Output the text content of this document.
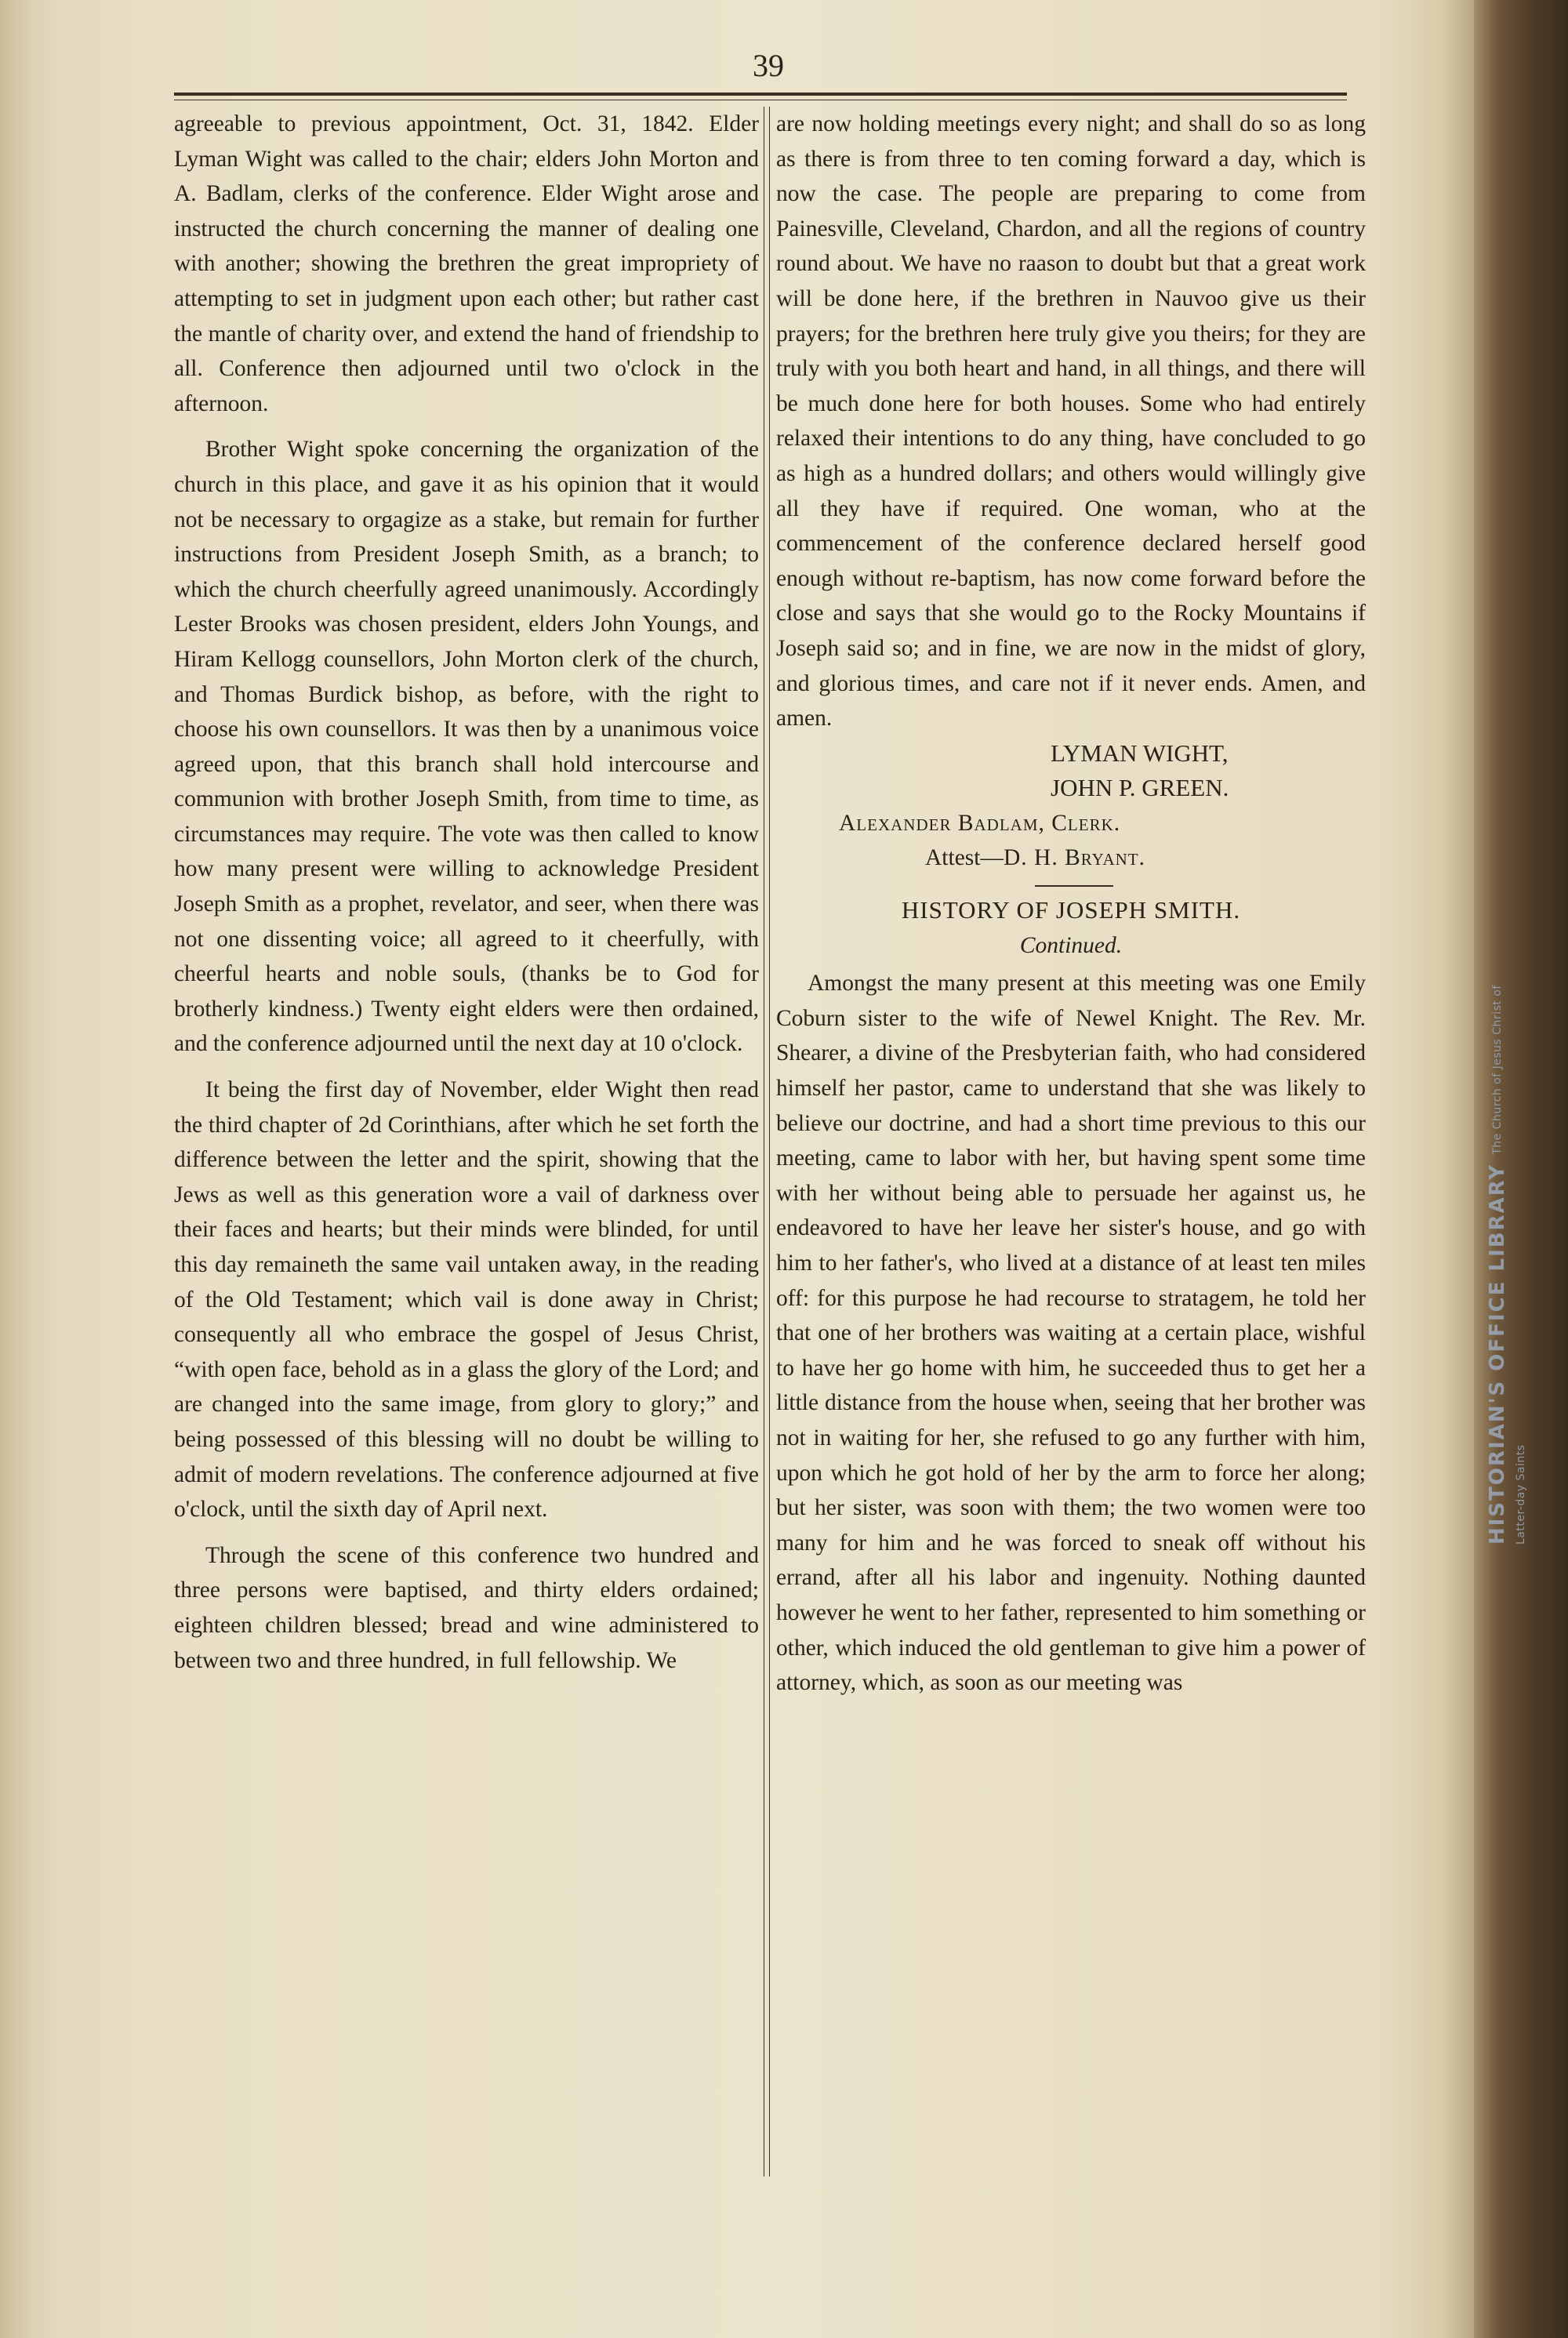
HISTORIAN'S OFFICE LIBRARY The Church of Jesus Christ of Latter-day Saints
39

agreeable to previous appointment, Oct. 31, 1842. Elder Lyman Wight was called to the chair; elders John Morton and A. Badlam, clerks of the conference. Elder Wight arose and instructed the church concerning the manner of dealing one with another; showing the brethren the great impropriety of attempting to set in judgment upon each other; but rather cast the mantle of charity over, and extend the hand of friendship to all. Conference then adjourned until two o'clock in the afternoon.

Brother Wight spoke concerning the organization of the church in this place, and gave it as his opinion that it would not be necessary to orgagize as a stake, but remain for further instructions from President Joseph Smith, as a branch; to which the church cheerfully agreed unanimously. Accordingly Lester Brooks was chosen president, elders John Youngs, and Hiram Kellogg counsellors, John Morton clerk of the church, and Thomas Burdick bishop, as before, with the right to choose his own counsellors. It was then by a unanimous voice agreed upon, that this branch shall hold intercourse and communion with brother Joseph Smith, from time to time, as circumstances may require. The vote was then called to know how many present were willing to acknowledge President Joseph Smith as a prophet, revelator, and seer, when there was not one dissenting voice; all agreed to it cheerfully, with cheerful hearts and noble souls, (thanks be to God for brotherly kindness.) Twenty eight elders were then ordained, and the conference adjourned until the next day at 10 o'clock.

It being the first day of November, elder Wight then read the third chapter of 2d Corinthians, after which he set forth the difference between the letter and the spirit, showing that the Jews as well as this generation wore a vail of darkness over their faces and hearts; but their minds were blinded, for until this day remaineth the same vail untaken away, in the reading of the Old Testament; which vail is done away in Christ; consequently all who embrace the gospel of Jesus Christ, “with open face, behold as in a glass the glory of the Lord; and are changed into the same image, from glory to glory;” and being possessed of this blessing will no doubt be willing to admit of modern revelations. The conference adjourned at five o'clock, until the sixth day of April next.

Through the scene of this conference two hundred and three persons were baptised, and thirty elders ordained; eighteen children blessed; bread and wine administered to between two and three hundred, in full fellowship. We

are now holding meetings every night; and shall do so as long as there is from three to ten coming forward a day, which is now the case. The people are preparing to come from Painesville, Cleveland, Chardon, and all the regions of country round about. We have no raason to doubt but that a great work will be done here, if the brethren in Nauvoo give us their prayers; for the brethren here truly give you theirs; for they are truly with you both heart and hand, in all things, and there will be much done here for both houses. Some who had entirely relaxed their intentions to do any thing, have concluded to go as high as a hundred dollars; and others would willingly give all they have if required. One woman, who at the commencement of the conference declared herself good enough without re-baptism, has now come forward before the close and says that she would go to the Rocky Mountains if Joseph said so; and in fine, we are now in the midst of glory, and glorious times, and care not if it never ends. Amen, and amen.

LYMAN WIGHT,

JOHN P. GREEN.

Alexander Badlam, Clerk.

Attest—D. H. Bryant.

HISTORY OF JOSEPH SMITH.

Continued.

Amongst the many present at this meeting was one Emily Coburn sister to the wife of Newel Knight. The Rev. Mr. Shearer, a divine of the Presbyterian faith, who had considered himself her pastor, came to understand that she was likely to believe our doctrine, and had a short time previous to this our meeting, came to labor with her, but having spent some time with her without being able to persuade her against us, he endeavored to have her leave her sister's house, and go with him to her father's, who lived at a distance of at least ten miles off: for this purpose he had recourse to stratagem, he told her that one of her brothers was waiting at a certain place, wishful to have her go home with him, he succeeded thus to get her a little distance from the house when, seeing that her brother was not in waiting for her, she refused to go any further with him, upon which he got hold of her by the arm to force her along; but her sister, was soon with them; the two women were too many for him and he was forced to sneak off without his errand, after all his labor and ingenuity. Nothing daunted however he went to her father, represented to him something or other, which induced the old gentleman to give him a power of attorney, which, as soon as our meeting was
